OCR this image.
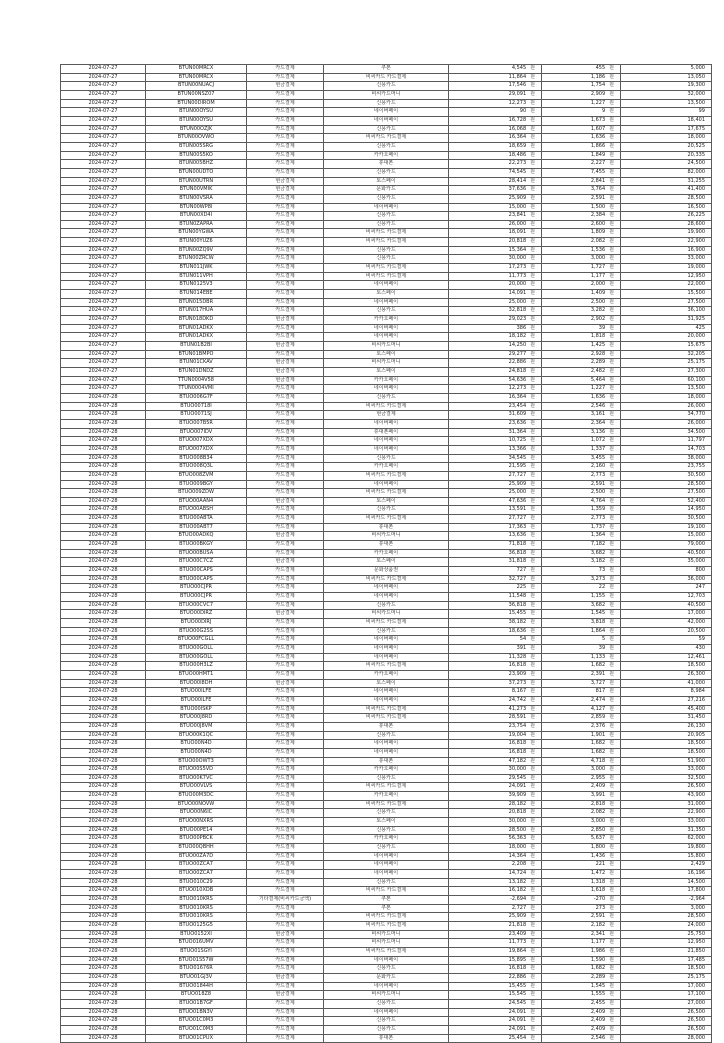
2024-07-27	BTUN00MRCX	카드결제	쿠폰	4,545 원	455 원	5,000

2024-07-27	BTUN00MRCX	카드결제	비씨카드 카드결제	11,864 원	1,186 원	13,050

2024-07-27	BTUN00NUACJ	현금결제	신용카드	17,546 원	1,754 원	19,300

2024-07-27	BTUN00NSZ07	카드결제	비씨카드머니	29,091 원	2,909 원	32,000

2024-07-27	BTUN00DIROM	카드결제	신용카드	12,273 원	1,227 원	13,500

2024-07-27	BTUN00OYSU	카드결제	네이버페이	90 원	9 원	99

2024-07-27	BTUN00OYSU	카드결제	네이버페이	16,728 원	1,673 원	18,401

2024-07-27	BTUN00OZJK	카드결제	신용카드	16,068 원	1,607 원	17,675

2024-07-27	BTUN00OVWO	카드결제	비씨카드 카드결제	16,364 원	1,636 원	18,000

2024-07-27	BTUN005SRG	카드결제	신용카드	18,659 원	1,866 원	20,525

2024-07-27	BTUN00S5KO	카드결제	카카오페이	18,486 원	1,849 원	20,335

2024-07-27	BTUN005BHZ	카드결제	휴대폰	22,273 원	2,227 원	24,500

2024-07-27	BTUN00UDTO	카드결제	신용카드	74,545 원	7,455 원	82,000

2024-07-27	BTUN00UTRN	현금결제	토스페이	28,414 원	2,841 원	31,255

2024-07-27	BTUN00VMIK	현금결제	문화카드	37,636 원	3,764 원	41,400

2024-07-27	BTUN00VSRA	카드결제	신용카드	25,909 원	2,591 원	28,500

2024-07-27	BTUN00WP8I	카드결제	네이버페이	15,000 원	1,500 원	16,500

2024-07-27	BTUN00XD4I	카드결제	신용카드	23,841 원	2,384 원	26,225

2024-07-27	BTUN0ZAPRA	카드결제	신용카드	26,000 원	2,600 원	28,600

2024-07-27	BTUN00YGWA	카드결제	비씨카드 카드결제	18,091 원	1,809 원	19,900

2024-07-27	BTUN00YUZ6	카드결제	비씨카드 카드결제	20,818 원	2,082 원	22,900

2024-07-27	BTUN00ZQ9V	카드결제	신용카드	15,364 원	1,536 원	16,900

2024-07-27	BTUN00ZRCW	카드결제	신용카드	30,000 원	3,000 원	33,000

2024-07-27	BTUN011JWK	카드결제	비씨카드 카드결제	17,273 원	1,727 원	19,000

2024-07-27	BTUN011VPH	카드결제	비씨카드 카드결제	11,773 원	1,177 원	12,950

2024-07-27	BTUN0125V3	카드결제	네이버페이	20,000 원	2,000 원	22,000

2024-07-27	BTUN014EBE	카드결제	토스페이	14,091 원	1,409 원	15,500

2024-07-27	BTUN015DBR	카드결제	네이버페이	25,000 원	2,500 원	27,500

2024-07-27	BTUN017HUA	카드결제	신용카드	32,818 원	3,282 원	36,100

2024-07-27	BTUN018DKD	현금결제	카카오페이	29,023 원	2,902 원	31,925

2024-07-27	BTUN01ADKX	카드결제	네이버페이	386 원	39 원	425

2024-07-27	BTUN01ADKX	카드결제	네이버페이	18,182 원	1,818 원	20,000

2024-07-27	BTUN01B2BI	현금결제	비씨카드머니	14,250 원	1,425 원	15,675

2024-07-27	BTUN01BMPO	카드결제	토스페이	29,277 원	2,928 원	32,205

2024-07-27	BTUN01CKAV	현금결제	비씨카드머니	22,886 원	2,289 원	25,175

2024-07-27	BTUN01DNDZ	현금결제	토스페이	24,818 원	2,482 원	27,300

2024-07-27	TTUN0004V58	현금결제	카카오페이	54,636 원	5,464 원	60,100

2024-07-27	TTUN0004VMI	카드결제	네이버페이	12,273 원	1,227 원	13,500

2024-07-28	BTUO006G7F	카드결제	신용카드	16,364 원	1,636 원	18,000

2024-07-28	BTUO00718I	카드결제	비씨카드 카드결제	23,454 원	2,546 원	26,000

2024-07-28	BTUO0071SJ	카드결제	현금결제	31,609 원	3,161 원	34,770

2024-07-28	BTUO007B5R	카드결제	네이버페이	23,636 원	2,364 원	26,000

2024-07-28	BTUO007IDV	카드결제	휴대폰페이	31,364 원	3,136 원	34,500

2024-07-28	BTUO007XDX	카드결제	네이버페이	10,725 원	1,072 원	11,797

2024-07-28	BTUO007XDX	카드결제	네이버페이	13,366 원	1,337 원	14,703

2024-07-28	BTUO008B34	카드결제	신용카드	34,545 원	3,455 원	38,000

2024-07-28	BTUO008Q3L	카드결제	카카오페이	21,595 원	2,160 원	23,755

2024-07-28	BTUO008ZVM	카드결제	비씨카드 카드결제	27,727 원	2,773 원	30,500

2024-07-28	BTUO009BGY	카드결제	네이버페이	25,909 원	2,591 원	28,500

2024-07-28	BTUO009ZDW	카드결제	비씨카드 카드결제	25,000 원	2,500 원	27,500

2024-07-28	BTUO00AAN4	현금결제	토스페이	47,636 원	4,764 원	52,400

2024-07-28	BTUO00ABSH	카드결제	신용카드	13,591 원	1,359 원	14,950

2024-07-28	BTUO00ABTA	카드결제	비씨카드 카드결제	27,727 원	2,773 원	30,500

2024-07-28	BTUO00ABT7	카드결제	휴대폰	17,363 원	1,737 원	19,100

2024-07-28	BTUO00ADKQ	현금결제	비씨카드머니	13,636 원	1,364 원	15,000

2024-07-28	BTUO00BKGY	카드결제	휴대폰	71,818 원	7,182 원	79,000

2024-07-28	BTUO00BUSA	카드결제	카카오페이	36,818 원	3,682 원	40,500

2024-07-28	BTUO00C7CZ	현금결제	토스페이	31,818 원	3,182 원	35,000

2024-07-28	BTUO00CAPS	카드결제	문화상품권	727 원	73 원	800

2024-07-28	BTUO00CAPS	카드결제	비씨카드 카드결제	32,727 원	3,273 원	36,000

2024-07-28	BTUO00CJPR	카드결제	네이버페이	225 원	22 원	247

2024-07-28	BTUO00CJPR	카드결제	네이버페이	11,548 원	1,155 원	12,703

2024-07-28	BTUO00CVC7	카드결제	신용카드	36,818 원	3,682 원	40,500

2024-07-28	BTUO00DIRZ	현금결제	비씨카드머니	15,455 원	1,545 원	17,000

2024-07-28	BTUO00DIRJ	카드결제	비씨카드 카드결제	38,182 원	3,818 원	42,000

2024-07-28	BTUO00G2SS	카드결제	신용카드	18,636 원	1,864 원	20,500

2024-07-28	BTUO00FCGLL	카드결제	네이버페이	54 원	5 원	59

2024-07-28	BTUO00GOLL	카드결제	네이버페이	391 원	39 원	430

2024-07-28	BTUO00GOLL	카드결제	네이버페이	11,328 원	1,133 원	12,461

2024-07-28	BTUO00H3LZ	카드결제	비씨카드 카드결제	16,818 원	1,682 원	18,500

2024-07-28	BTUO00HMT1	카드결제	카카오페이	23,909 원	2,391 원	26,300

2024-07-28	BTUO00I8DH	현금결제	토스페이	37,273 원	3,727 원	41,000

2024-07-28	BTUO00ILFE	카드결제	네이버페이	8,167 원	817 원	8,984

2024-07-28	BTUO00ILFE	카드결제	네이버페이	24,742 원	2,474 원	27,216

2024-07-28	BTUO00ISKP	카드결제	비씨카드 카드결제	41,273 원	4,127 원	45,400

2024-07-28	BTUO00J8RD	카드결제	비씨카드 카드결제	28,591 원	2,859 원	31,450

2024-07-28	BTUO00J8VM	카드결제	휴대폰	23,754 원	2,376 원	26,130

2024-07-28	BTUO00K1QC	카드결제	신용카드	19,004 원	1,901 원	20,905

2024-07-28	BTUO00N4D	카드결제	네이버페이	16,818 원	1,682 원	18,500

2024-07-28	BTUO00N4D	카드결제	네이버페이	16,818 원	1,682 원	18,500

2024-07-28	BTUO00OWT3	카드결제	휴대폰	47,182 원	4,718 원	51,900

2024-07-28	BTUO00S5VD	카드결제	카카오페이	30,000 원	3,000 원	33,000

2024-07-28	BTUO00K7VC	카드결제	신용카드	29,545 원	2,955 원	32,500

2024-07-28	BTUO00VLVS	카드결제	비씨카드 카드결제	24,091 원	2,409 원	26,500

2024-07-28	BTUO00M3DC	카드결제	카카오페이	39,909 원	3,991 원	43,900

2024-07-28	BTUO00NOVW	카드결제	비씨카드 카드결제	28,182 원	2,818 원	31,000

2024-07-28	BTUO00N6IC	카드결제	신용카드	20,818 원	2,082 원	22,900

2024-07-28	BTUO00NXRS	카드결제	토스페이	30,000 원	3,000 원	33,000

2024-07-28	BTUO00PE14	카드결제	신용카드	28,500 원	2,850 원	31,350

2024-07-28	BTUO00PBCK	카드결제	카카오페이	56,363 원	5,637 원	62,000

2024-07-28	BTUO00QBHH	카드결제	신용카드	18,000 원	1,800 원	19,800

2024-07-28	BTUO00ZA7D	카드결제	네이버페이	14,364 원	1,436 원	15,800

2024-07-28	BTUO00ZCA7	카드결제	네이버페이	2,208 원	221 원	2,429

2024-07-28	BTUO00ZCA7	카드결제	네이버페이	14,724 원	1,472 원	16,196

2024-07-28	BTUO010C29	카드결제	신용카드	13,182 원	1,318 원	14,500

2024-07-28	BTUO010XDB	카드결제	비씨카드 카드결제	16,182 원	1,618 원	17,800

2024-07-28	BTUO010KRS	기타결제(비씨카드금액)	쿠폰	-2,694 원	-270 원	-2,964

2024-07-28	BTUO010KRS	카드결제	쿠폰	2,727 원	273 원	3,000

2024-07-28	BTUO010KRS	카드결제	비씨카드 카드결제	25,909 원	2,591 원	28,500

2024-07-28	BTUO0125G5	카드결제	비씨카드 카드결제	21,818 원	2,182 원	24,000

2024-07-28	BTUO0152XI	현금결제	비씨카드머니	23,409 원	2,341 원	25,750

2024-07-28	BTUO016UMV	카드결제	비씨카드머니	11,773 원	1,177 원	12,950

2024-07-28	BTUO01SGYI	카드결제	비씨카드 카드결제	19,864 원	1,986 원	21,850

2024-07-28	BTUO01S57W	카드결제	네이버페이	15,895 원	1,590 원	17,485

2024-07-28	BTUO01676R	카드결제	신용카드	16,818 원	1,682 원	18,500

2024-07-28	BTUO01GJ3V	현금결제	문화카드	22,886 원	2,289 원	25,175

2024-07-28	BTUO01844H	카드결제	네이버페이	15,455 원	1,545 원	17,000

2024-07-28	BTUO018Z8	현금결제	비씨카드머니	15,545 원	1,555 원	17,100

2024-07-28	BTUO01B7GF	카드결제	신용카드	24,545 원	2,455 원	27,000

2024-07-28	BTUO01BN3V	카드결제	네이버페이	24,091 원	2,409 원	26,500

2024-07-28	BTUO01C0M3	카드결제	신용카드	24,091 원	2,409 원	26,500

2024-07-28	BTUO01C0M3	카드결제	신용카드	24,091 원	2,409 원	26,500

2024-07-28	BTUO01CPUX	카드결제	휴대폰	25,454 원	2,546 원	28,000
